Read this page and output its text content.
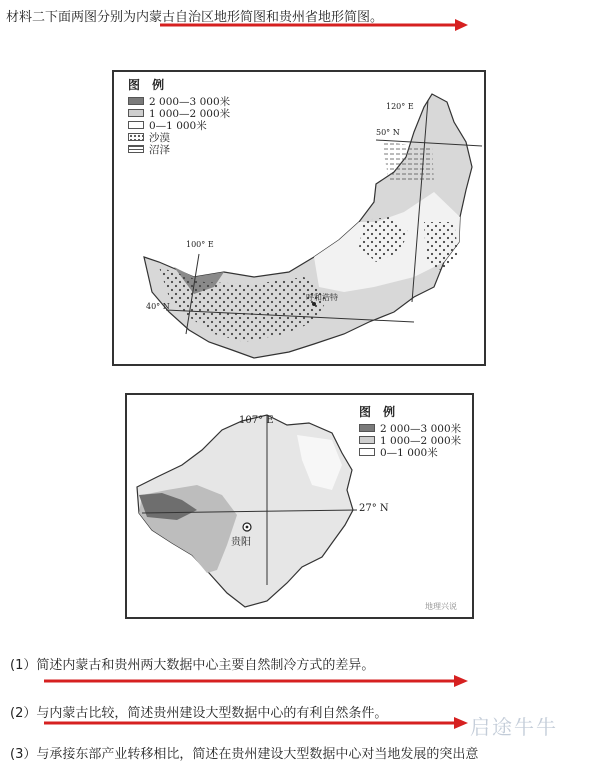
材料二下面两图分别为内蒙古自治区地形简图和贵州省地形简图。
图 例
2 000—3 000米
1 000—2 000米
0—1 000米
沙漠
沼泽
120° E
50° N
100° E
40° N
呼和浩特
107° E
27° N
贵阳
图 例
2 000—3 000米
1 000—2 000米
0—1 000米
地理兴说
(1）简述内蒙古和贵州两大数据中心主要自然制冷方式的差异。
(2）与内蒙古比较，简述贵州建设大型数据中心的有利自然条件。
启途牛牛
(3）与承接东部产业转移相比，简述在贵州建设大型数据中心对当地发展的突出意
